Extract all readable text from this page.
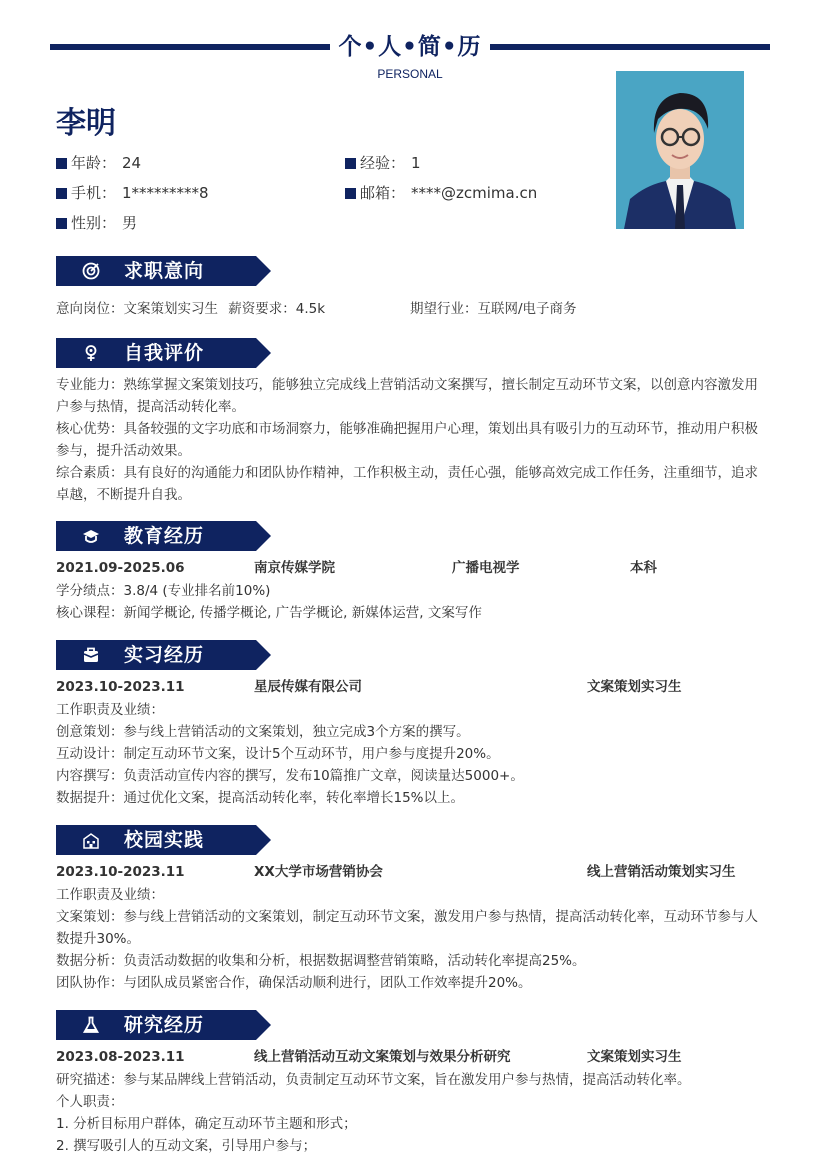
个•人•简•历
PERSONAL
李明
年龄： 24	经验： 1
手机： 1*********8	邮箱： ****@zcmima.cn
性别： 男
求职意向
意向岗位：文案策划实习生 薪资要求：4.5k	期望行业：互联网/电子商务
自我评价

专业能力：熟练掌握文案策划技巧，能够独立完成线上营销活动文案撰写，擅长制定互动环节文案，以创意内容激发用户参与热情，提高活动转化率。

核心优势：具备较强的文字功底和市场洞察力，能够准确把握用户心理，策划出具有吸引力的互动环节，推动用户积极参与，提升活动效果。

综合素质：具有良好的沟通能力和团队协作精神，工作积极主动，责任心强，能够高效完成工作任务，注重细节，追求卓越，不断提升自我。

教育经历
2021.09-2025.06	南京传媒学院	广播电视学	本科

学分绩点：3.8/4 (专业排名前10%)

核心课程：新闻学概论, 传播学概论, 广告学概论, 新媒体运营, 文案写作

实习经历
2023.10-2023.11	星辰传媒有限公司	文案策划实习生

工作职责及业绩：

创意策划：参与线上营销活动的文案策划，独立完成3个方案的撰写。

互动设计：制定互动环节文案，设计5个互动环节，用户参与度提升20%。

内容撰写：负责活动宣传内容的撰写，发布10篇推广文章，阅读量达5000+。

数据提升：通过优化文案，提高活动转化率，转化率增长15%以上。

校园实践
2023.10-2023.11	XX大学市场营销协会	线上营销活动策划实习生

工作职责及业绩：

文案策划：参与线上营销活动的文案策划，制定互动环节文案，激发用户参与热情，提高活动转化率，互动环节参与人数提升30%。

数据分析：负责活动数据的收集和分析，根据数据调整营销策略，活动转化率提高25%。

团队协作：与团队成员紧密合作，确保活动顺利进行，团队工作效率提升20%。

研究经历
2023.08-2023.11	线上营销活动互动文案策划与效果分析研究	文案策划实习生

研究描述：参与某品牌线上营销活动，负责制定互动环节文案，旨在激发用户参与热情，提高活动转化率。

个人职责：

1. 分析目标用户群体，确定互动环节主题和形式；

2. 撰写吸引人的互动文案，引导用户参与；
